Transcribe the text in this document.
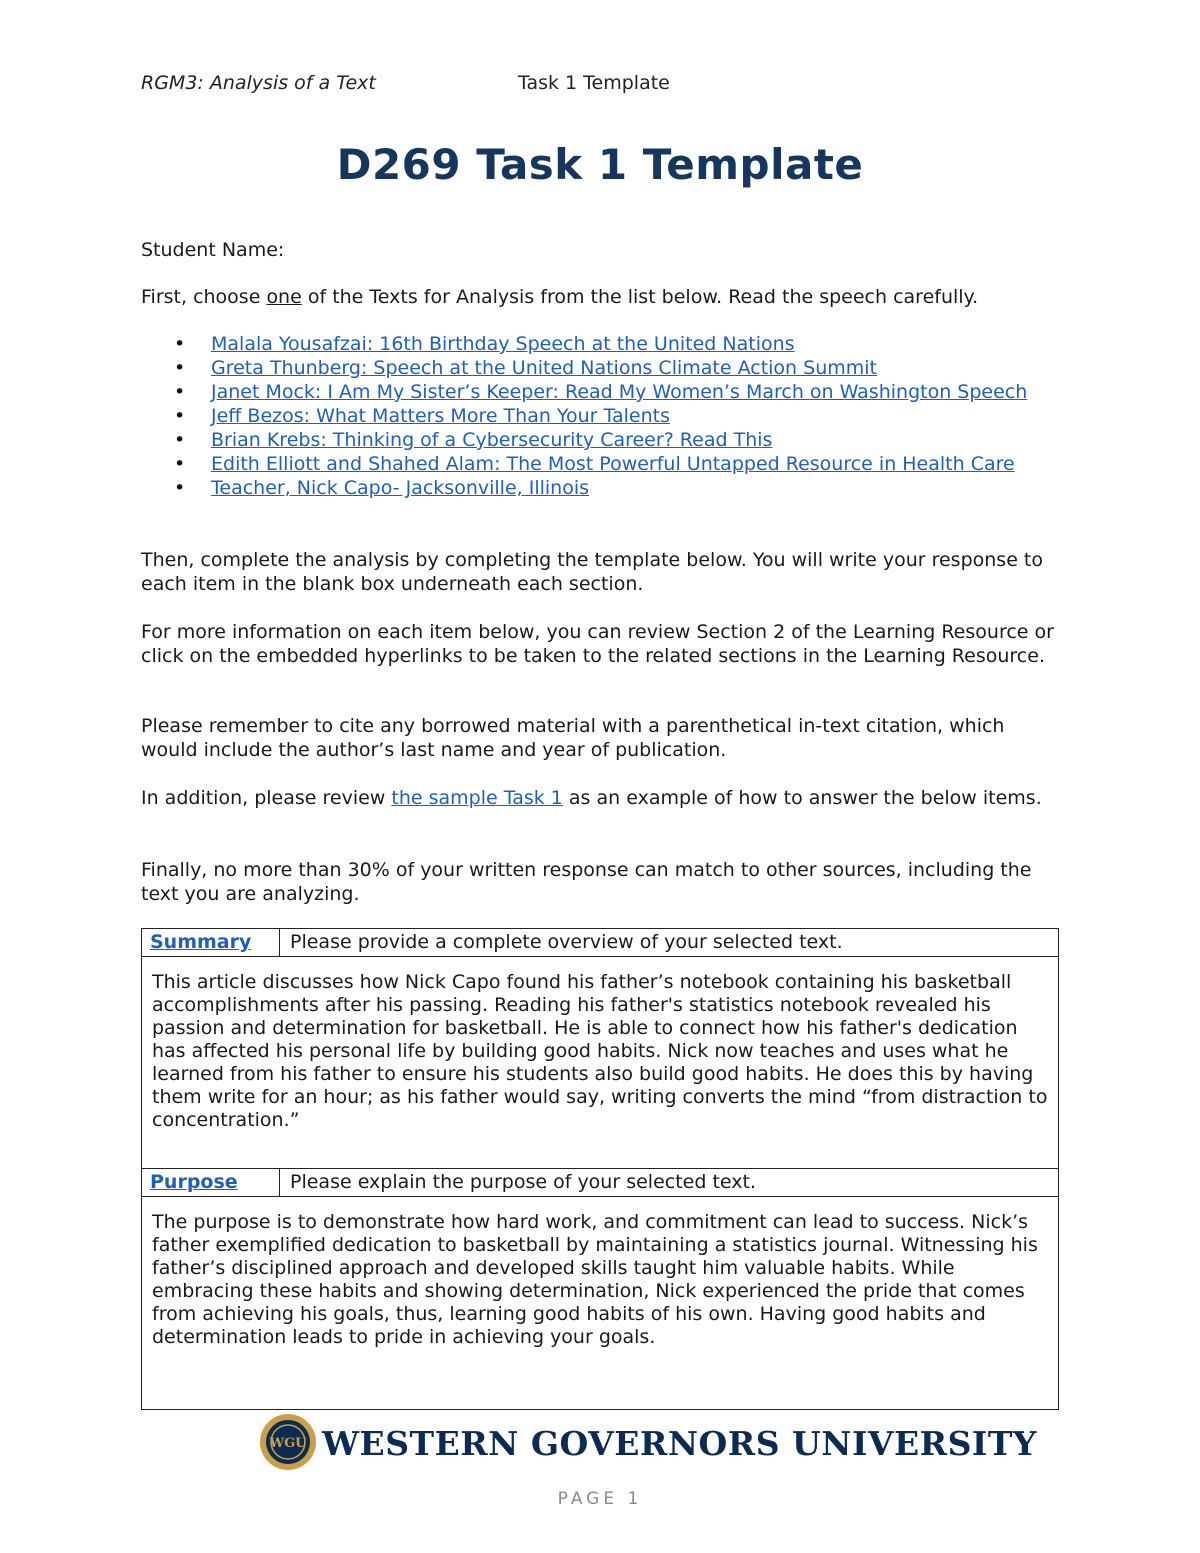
RGM3: Analysis of a Text	Task 1 Template
D269 Task 1 Template
Student Name:
First, choose one of the Texts for Analysis from the list below. Read the speech carefully.
• Malala Yousafzai: 16th Birthday Speech at the United Nations
• Greta Thunberg: Speech at the United Nations Climate Action Summit
• Janet Mock: I Am My Sister’s Keeper: Read My Women’s March on Washington Speech
• Jeff Bezos: What Matters More Than Your Talents
• Brian Krebs: Thinking of a Cybersecurity Career? Read This
• Edith Elliott and Shahed Alam: The Most Powerful Untapped Resource in Health Care
• Teacher, Nick Capo- Jacksonville, Illinois
Then, complete the analysis by completing the template below. You will write your response to each item in the blank box underneath each section.
For more information on each item below, you can review Section 2 of the Learning Resource or click on the embedded hyperlinks to be taken to the related sections in the Learning Resource.
Please remember to cite any borrowed material with a parenthetical in-text citation, which would include the author’s last name and year of publication.
In addition, please review the sample Task 1 as an example of how to answer the below items.
Finally, no more than 30% of your written response can match to other sources, including the text you are analyzing.
Summary	Please provide a complete overview of your selected text.

This article discusses how Nick Capo found his father’s notebook containing his basketball accomplishments after his passing. Reading his father's statistics notebook revealed his passion and determination for basketball. He is able to connect how his father's dedication has affected his personal life by building good habits. Nick now teaches and uses what he learned from his father to ensure his students also build good habits. He does this by having them write for an hour; as his father would say, writing converts the mind “from distraction to concentration.”	

Purpose	Please explain the purpose of your selected text.

The purpose is to demonstrate how hard work, and commitment can lead to success. Nick’s father exemplified dedication to basketball by maintaining a statistics journal. Witnessing his father’s disciplined approach and developed skills taught him valuable habits. While embracing these habits and showing determination, Nick experienced the pride that comes from achieving his goals, thus, learning good habits of his own. Having good habits and determination leads to pride in achieving your goals.	
WGU WESTERN GOVERNORS UNIVERSITY
PAGE 1
